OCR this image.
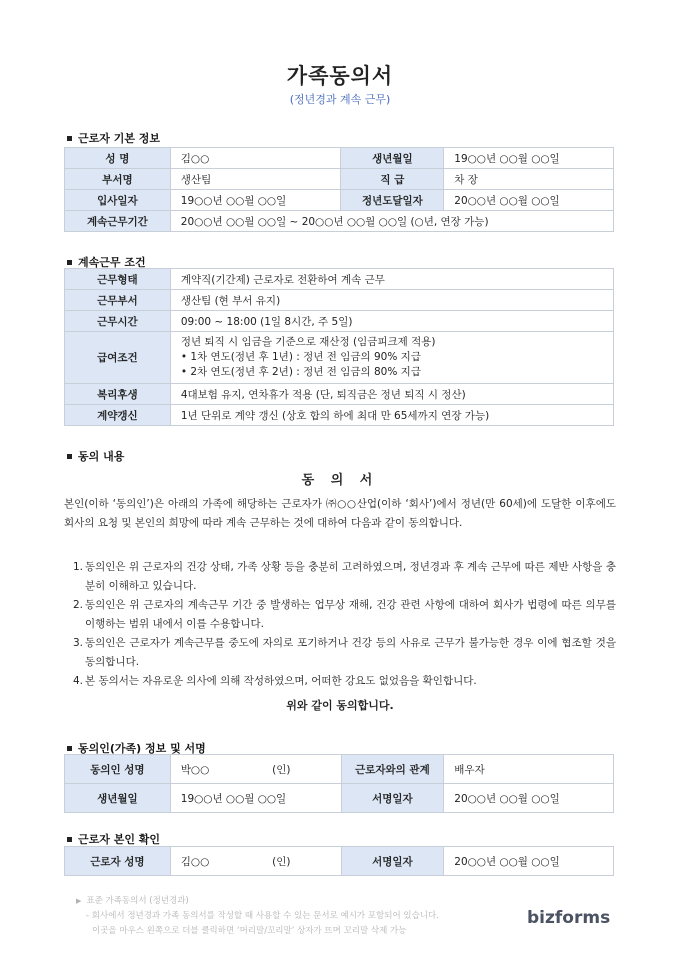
가족동의서
(정년경과 계속 근무)
근로자 기본 정보
성 명	김○○	생년월일	19○○년 ○○월 ○○일
부서명	생산팀	직 급	차 장
입사일자	19○○년 ○○월 ○○일	정년도달일자	20○○년 ○○월 ○○일
계속근무기간	20○○년 ○○월 ○○일 ~ 20○○년 ○○월 ○○일 (○년, 연장 가능)		
계속근무 조건
근무형태	계약직(기간제) 근로자로 전환하여 계속 근무
근무부서	생산팀 (현 부서 유지)
근무시간	09:00 ~ 18:00 (1일 8시간, 주 5일)
급여조건	정년 퇴직 시 임금을 기준으로 재산정 (임금피크제 적용)
• 1차 연도(정년 후 1년) : 정년 전 임금의 90% 지급
• 2차 연도(정년 후 2년) : 정년 전 임금의 80% 지급

복리후생	4대보험 유지, 연차휴가 적용 (단, 퇴직금은 정년 퇴직 시 정산)
계약갱신	1년 단위로 계약 갱신 (상호 합의 하에 최대 만 65세까지 연장 가능)
동의 내용
동 의 서
본인(이하 ‘동의인’)은 아래의 가족에 해당하는 근로자가 ㈜○○산업(이하 ‘회사’)에서 정년(만 60세)에 도달한 이후에도 회사의 요청 및 본인의 희망에 따라 계속 근무하는 것에 대하여 다음과 같이 동의합니다.
1. 동의인은 위 근로자의 건강 상태, 가족 상황 등을 충분히 고려하였으며, 정년경과 후 계속 근무에 따른 제반 사항을 충분히 이해하고 있습니다.
2. 동의인은 위 근로자의 계속근무 기간 중 발생하는 업무상 재해, 건강 관련 사항에 대하여 회사가 법령에 따른 의무를 이행하는 범위 내에서 이를 수용합니다.
3. 동의인은 근로자가 계속근무를 중도에 자의로 포기하거나 건강 등의 사유로 근무가 불가능한 경우 이에 협조할 것을 동의합니다.
4. 본 동의서는 자유로운 의사에 의해 작성하였으며, 어떠한 강요도 없었음을 확인합니다.
위와 같이 동의합니다.
동의인(가족) 정보 및 서명
동의인 성명	박○○ (인)	근로자와의 관계	배우자
생년월일	19○○년 ○○월 ○○일	서명일자	20○○년 ○○월 ○○일
근로자 본인 확인
근로자 성명	김○○	(인)	서명일자	20○○년 ○○월 ○○일
▶ 표준 가족동의서 (정년경과)
- 회사에서 정년경과 가족 동의서를 작성할 때 사용할 수 있는 문서로 예시가 포함되어 있습니다.
이곳을 마우스 왼쪽으로 더블 클릭하면 ‘머리말/꼬리말’ 상자가 뜨며 꼬리말 삭제 가능
bizforms
